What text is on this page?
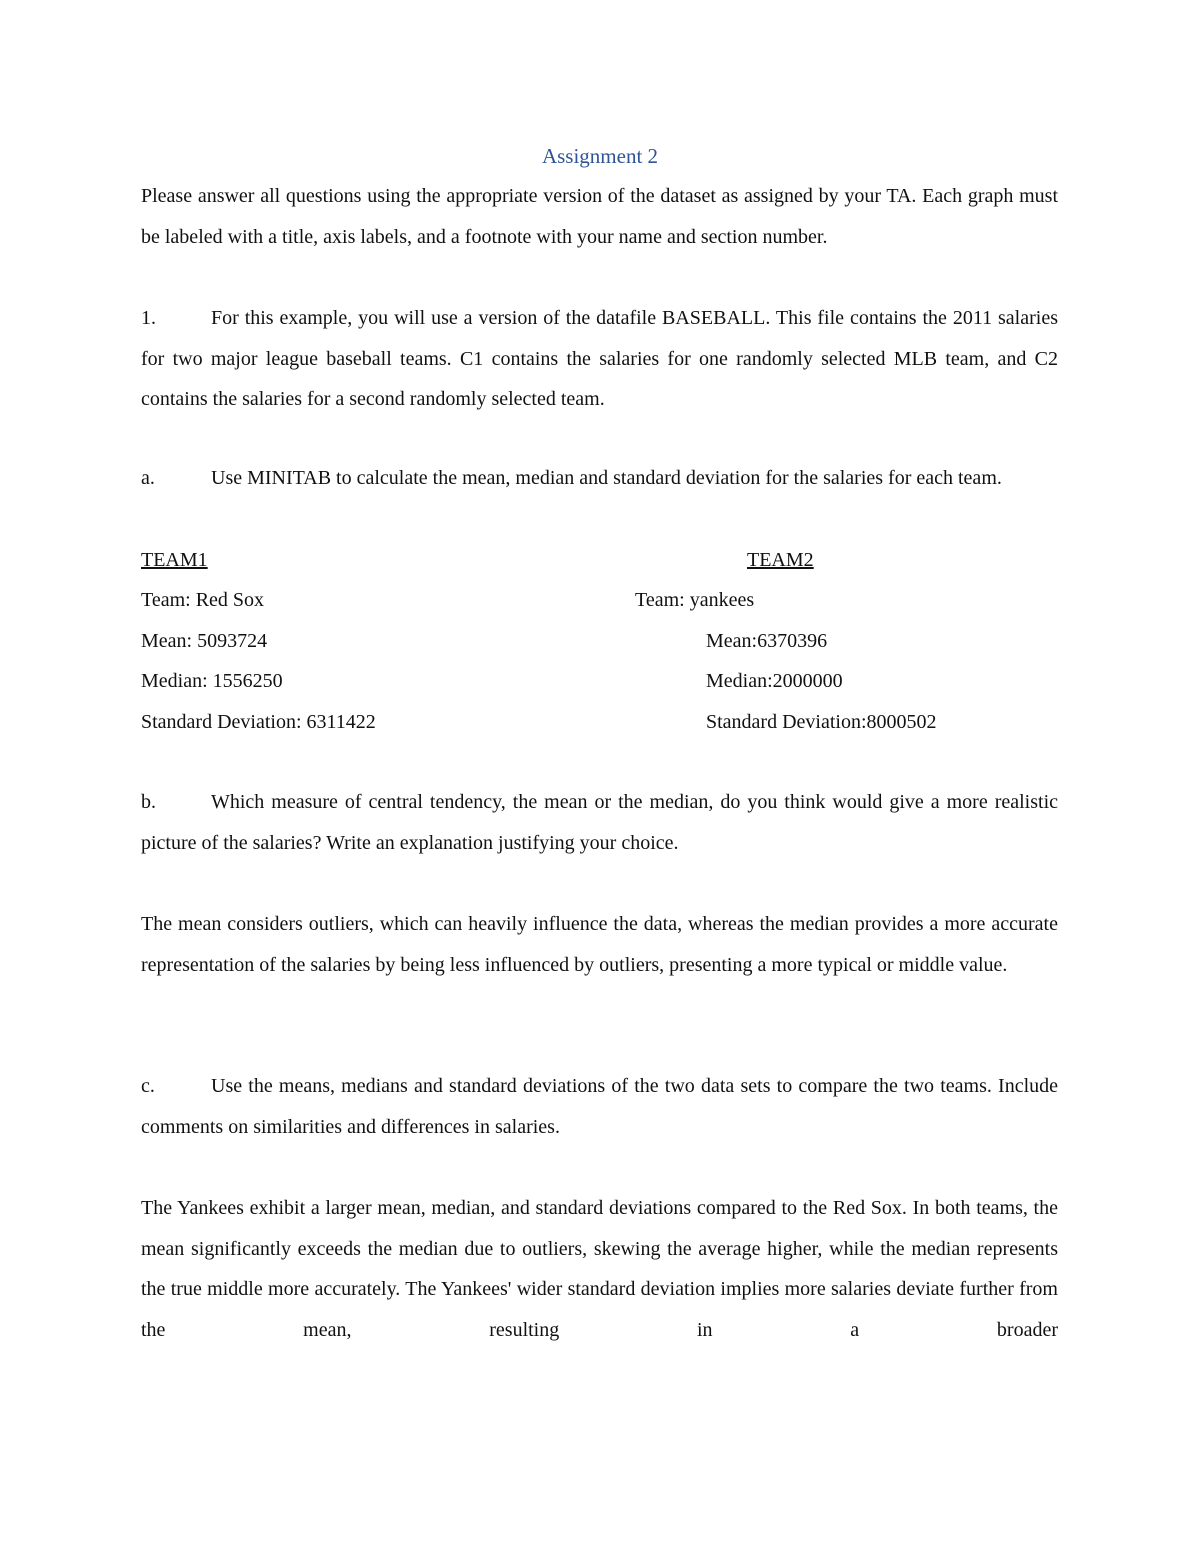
Assignment 2
Please answer all questions using the appropriate version of the dataset as assigned by your TA. Each graph must be labeled with a title, axis labels, and a footnote with your name and section number.
1.	For this example, you will use a version of the datafile BASEBALL. This file contains the 2011 salaries for two major league baseball teams. C1 contains the salaries for one randomly selected MLB team, and C2 contains the salaries for a second randomly selected team.
a.	Use MINITAB to calculate the mean, median and standard deviation for the salaries for each team.
TEAM1
Team: Red Sox
Mean: 5093724
Median: 1556250
Standard Deviation: 6311422
TEAM2
Team: yankees
Mean:6370396
Median:2000000
Standard Deviation:8000502
b.	Which measure of central tendency, the mean or the median, do you think would give a more realistic picture of the salaries? Write an explanation justifying your choice.
The mean considers outliers, which can heavily influence the data, whereas the median provides a more accurate representation of the salaries by being less influenced by outliers, presenting a more typical or middle value.
c.	Use the means, medians and standard deviations of the two data sets to compare the two teams. Include comments on similarities and differences in salaries.
The Yankees exhibit a larger mean, median, and standard deviations compared to the Red Sox. In both teams, the mean significantly exceeds the median due to outliers, skewing the average higher, while the median represents the true middle more accurately. The Yankees' wider standard deviation implies more salaries deviate further from the mean, resulting in a broader
